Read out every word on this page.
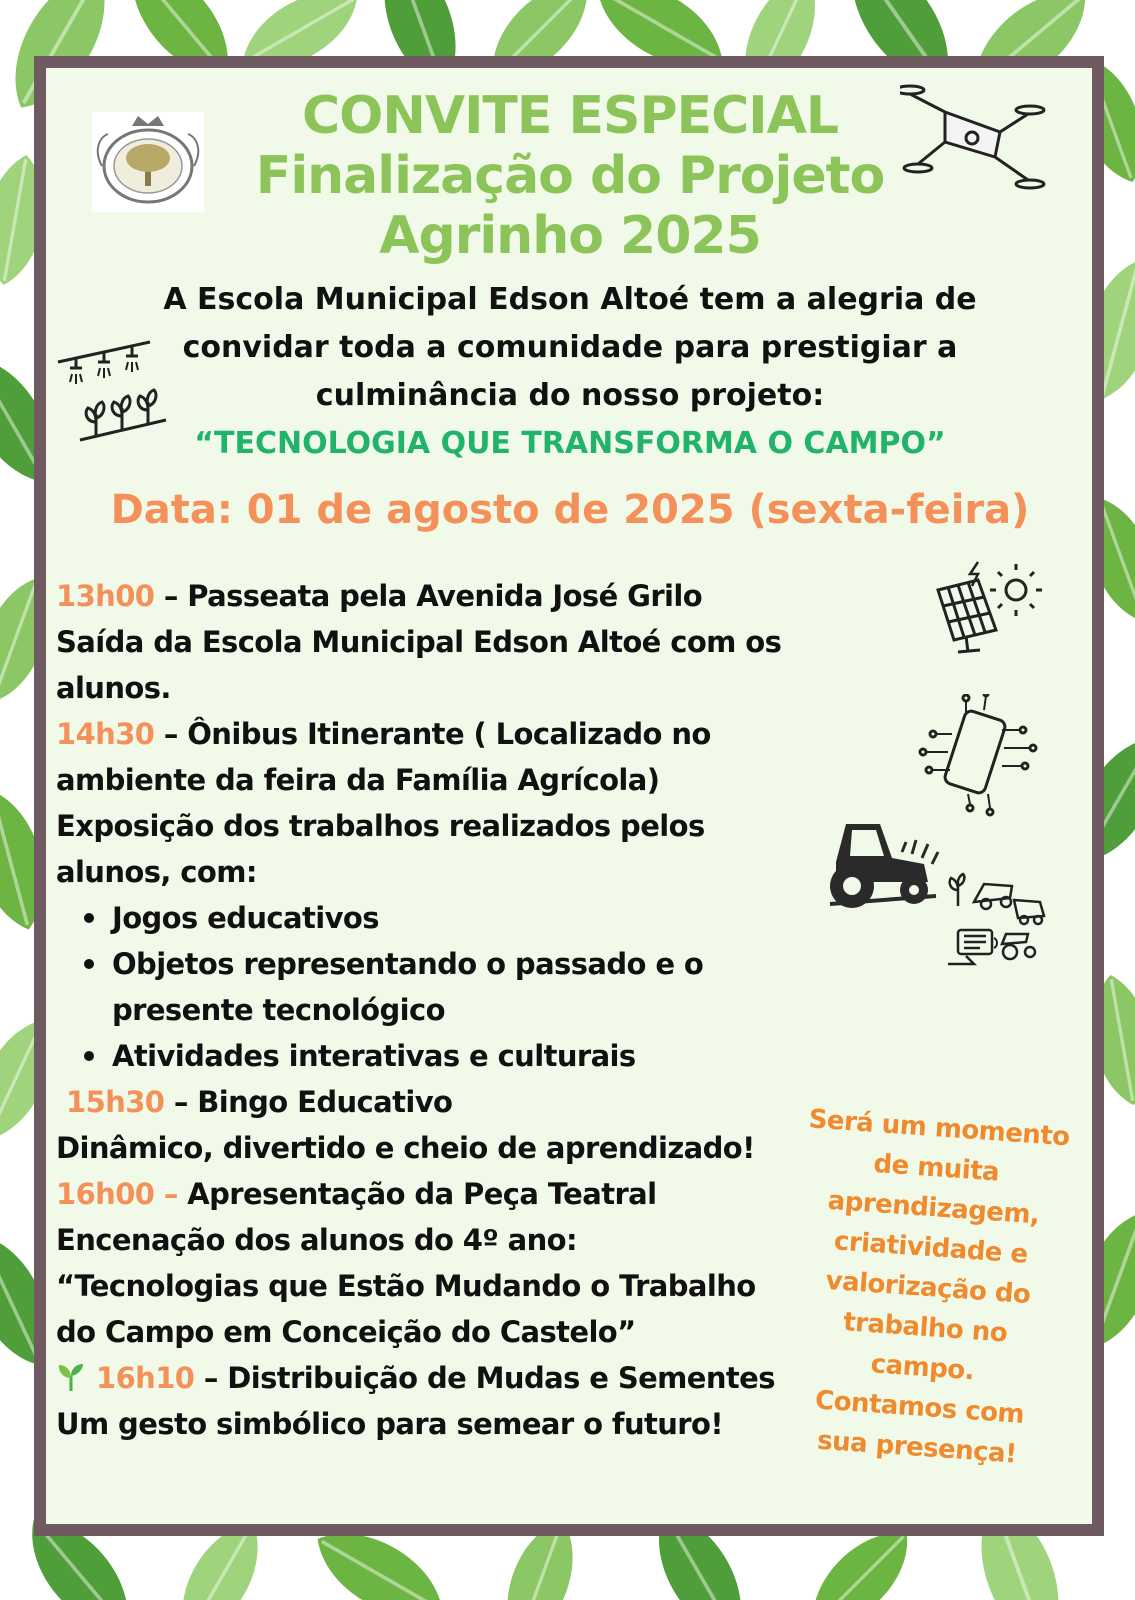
CONVITE ESPECIAL
Finalização do Projeto
Agrinho 2025
A Escola Municipal Edson Altoé tem a alegria de
convidar toda a comunidade para prestigiar a
culminância do nosso projeto:
“TECNOLOGIA QUE TRANSFORMA O CAMPO”
Data: 01 de agosto de 2025 (sexta-feira)
13h00 – Passeata pela Avenida José Grilo
Saída da Escola Municipal Edson Altoé com os
alunos.
14h30 – Ônibus Itinerante ( Localizado no
ambiente da feira da Família Agrícola)
Exposição dos trabalhos realizados pelos
alunos, com:
Jogos educativos
Objetos representando o passado e o
presente tecnológico
Atividades interativas e culturais
15h30 – Bingo Educativo
Dinâmico, divertido e cheio de aprendizado!
16h00 – Apresentação da Peça Teatral
Encenação dos alunos do 4º ano:
“Tecnologias que Estão Mudando o Trabalho
do Campo em Conceição do Castelo”
16h10 – Distribuição de Mudas e Sementes
Um gesto simbólico para semear o futuro!
Será um momento
de muita
aprendizagem,
criatividade e
valorização do
trabalho no
campo.
Contamos com
sua presença!
